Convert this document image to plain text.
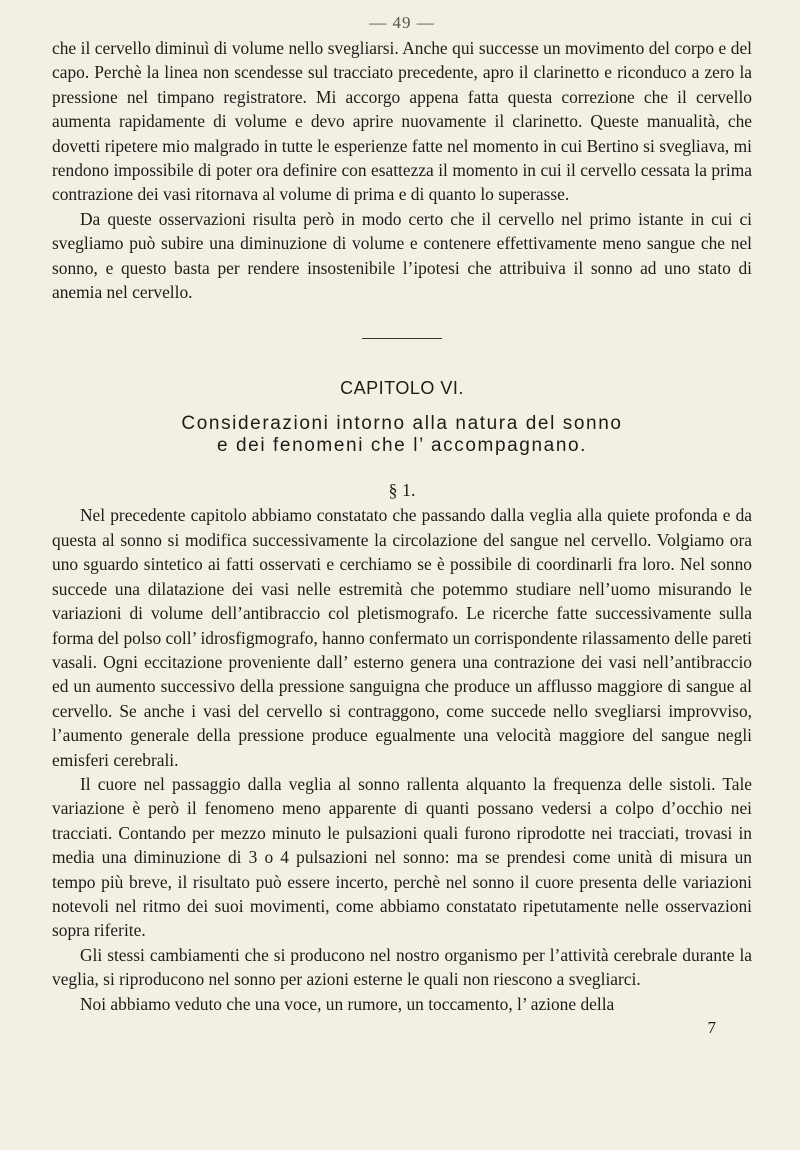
— 49 —

che il cervello diminuì di volume nello svegliarsi. Anche qui successe un movimento del corpo e del capo. Perchè la linea non scendesse sul tracciato precedente, apro il clarinetto e riconduco a zero la pressione nel timpano registratore. Mi accorgo appena fatta questa correzione che il cervello aumenta rapidamente di volume e devo aprire nuovamente il clarinetto. Queste manualità, che dovetti ripetere mio malgrado in tutte le esperienze fatte nel momento in cui Bertino si svegliava, mi rendono impossibile di poter ora definire con esattezza il momento in cui il cervello cessata la prima contrazione dei vasi ritornava al volume di prima e di quanto lo superasse.

Da queste osservazioni risulta però in modo certo che il cervello nel primo istante in cui ci svegliamo può subire una diminuzione di volume e contenere effettivamente meno sangue che nel sonno, e questo basta per rendere insostenibile l’ipotesi che attribuiva il sonno ad uno stato di anemia nel cervello.

CAPITOLO VI.
Considerazioni intorno alla natura del sonno
e dei fenomeni che l’ accompagnano.
§ 1.

Nel precedente capitolo abbiamo constatato che passando dalla veglia alla quiete profonda e da questa al sonno si modifica successivamente la circolazione del sangue nel cervello. Volgiamo ora uno sguardo sintetico ai fatti osservati e cerchiamo se è possibile di coordinarli fra loro. Nel sonno succede una dilatazione dei vasi nelle estremità che potemmo studiare nell’uomo misurando le variazioni di volume dell’antibraccio col pletismografo. Le ricerche fatte successivamente sulla forma del polso coll’ idrosfigmografo, hanno confermato un corrispondente rilassamento delle pareti vasali. Ogni eccitazione proveniente dall’ esterno genera una contrazione dei vasi nell’antibraccio ed un aumento successivo della pressione sanguigna che produce un afflusso maggiore di sangue al cervello. Se anche i vasi del cervello si contraggono, come succede nello svegliarsi improvviso, l’aumento generale della pressione produce egualmente una velocità maggiore del sangue negli emisferi cerebrali.

Il cuore nel passaggio dalla veglia al sonno rallenta alquanto la frequenza delle sistoli. Tale variazione è però il fenomeno meno apparente di quanti possano vedersi a colpo d’occhio nei tracciati. Contando per mezzo minuto le pulsazioni quali furono riprodotte nei tracciati, trovasi in media una diminuzione di 3 o 4 pulsazioni nel sonno: ma se prendesi come unità di misura un tempo più breve, il risultato può essere incerto, perchè nel sonno il cuore presenta delle variazioni notevoli nel ritmo dei suoi movimenti, come abbiamo constatato ripetutamente nelle osservazioni sopra riferite.

Gli stessi cambiamenti che si producono nel nostro organismo per l’attività cerebrale durante la veglia, si riproducono nel sonno per azioni esterne le quali non riescono a svegliarci.

Noi abbiamo veduto che una voce, un rumore, un toccamento, l’ azione della

7
